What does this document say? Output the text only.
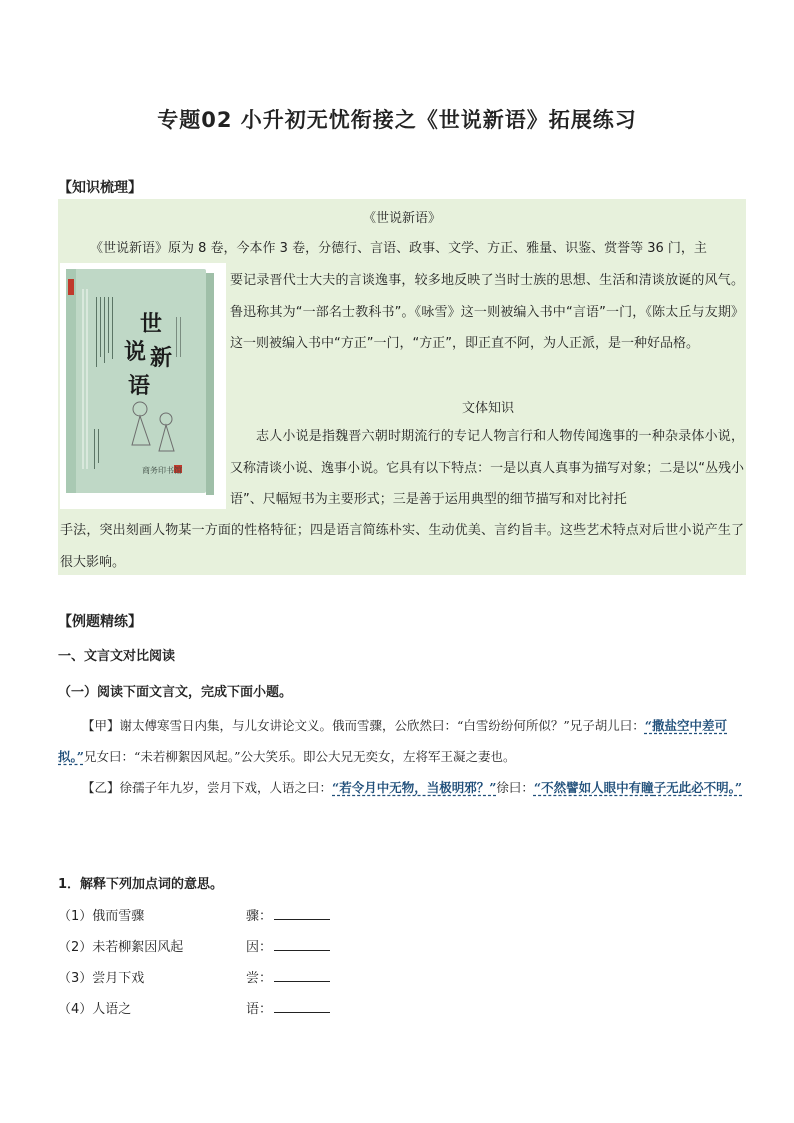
专题02 小升初无忧衔接之《世说新语》拓展练习
【知识梳理】
《世说新语》
《世说新语》原为 8 卷，今本作 3 卷，分德行、言语、政事、文学、方正、雅量、识鉴、赏誉等 36 门，主
要记录晋代士大夫的言谈逸事，较多地反映了当时士族的思想、生活和清谈放诞的风气。鲁迅称其为“一部名士教科书”。《咏雪》这一则被编入书中“言语”一门，《陈太丘与友期》这一则被编入书中“方正”一门，“方正”，即正直不阿，为人正派，是一种好品格。
文体知识
志人小说是指魏晋六朝时期流行的专记人物言行和人物传闻逸事的一种杂录体小说，又称清谈小说、逸事小说。它具有以下特点：一是以真人真事为描写对象；二是以“丛残小语”、尺幅短书为主要形式；三是善于运用典型的细节描写和对比衬托
手法，突出刻画人物某一方面的性格特征；四是语言简练朴实、生动优美、言约旨丰。这些艺术特点对后世小说产生了很大影响。
世
说 新
语
商务印书馆
【例题精练】
一、文言文对比阅读
（一）阅读下面文言文，完成下面小题。
【甲】谢太傅寒雪日内集，与儿女讲论文义。俄而雪骤，公欣然曰：“白雪纷纷何所似？”兄子胡儿曰：“撒盐空中差可拟。”兄女曰：“未若柳絮因风起。”公大笑乐。即公大兄无奕女，左将军王凝之妻也。
【乙】徐孺子年九岁，尝月下戏，人语之曰：“若令月中无物，当极明邪？”徐曰：“不然譬如人眼中有瞳子无此必不明。”
1．解释下列加点词的意思。
（1）俄而雪骤	骤：
（2）未若柳絮因风起	因：
（3）尝月下戏	尝：
（4）人语之	语：
